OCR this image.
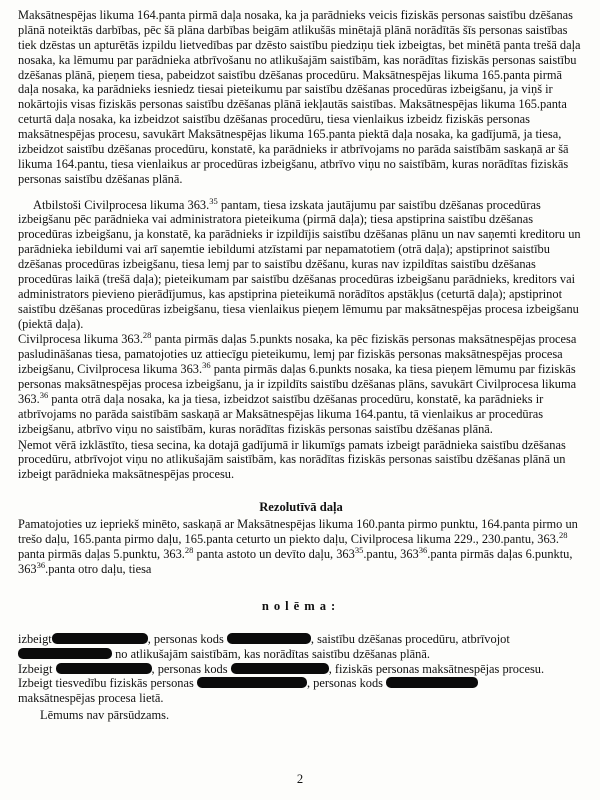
Maksātnespējas likuma 164.panta pirmā daļa nosaka, ka ja parādnieks veicis fiziskās personas saistību dzēšanas plānā noteiktās darbības, pēc šā plāna darbības beigām atlikušās minētajā plānā norādītās šīs personas saistības tiek dzēstas un apturētās izpildu lietvedības par dzēsto saistību piedziņu tiek izbeigtas, bet minētā panta trešā daļa nosaka, ka lēmumu par parādnieka atbrīvošanu no atlikušajām saistībām, kas norādītas fiziskās personas saistību dzēšanas plānā, pieņem tiesa, pabeidzot saistību dzēšanas procedūru. Maksātnespējas likuma 165.panta pirmā daļa nosaka, ka parādnieks iesniedz tiesai pieteikumu par saistību dzēšanas procedūras izbeigšanu, ja viņš ir nokārtojis visas fiziskās personas saistību dzēšanas plānā iekļautās saistības. Maksātnespējas likuma 165.panta ceturtā daļa nosaka, ka izbeidzot saistību dzēšanas procedūru, tiesa vienlaikus izbeidz fiziskās personas maksātnespējas procesu, savukārt Maksātnespējas likuma 165.panta piektā daļa nosaka, ka gadījumā, ja tiesa, izbeidzot saistību dzēšanas procedūru, konstatē, ka parādnieks ir atbrīvojams no parāda saistībām saskaņā ar šā likuma 164.pantu, tiesa vienlaikus ar procedūras izbeigšanu, atbrīvo viņu no saistībām, kuras norādītas fiziskās personas saistību dzēšanas plānā.

Atbilstoši Civilprocesa likuma 363.35 pantam, tiesa izskata jautājumu par saistību dzēšanas procedūras izbeigšanu pēc parādnieka vai administratora pieteikuma (pirmā daļa); tiesa apstiprina saistību dzēšanas procedūras izbeigšanu, ja konstatē, ka parādnieks ir izpildījis saistību dzēšanas plānu un nav saņemti kreditoru un parādnieka iebildumi vai arī saņemtie iebildumi atzīstami par nepamatotiem (otrā daļa); apstiprinot saistību dzēšanas procedūras izbeigšanu, tiesa lemj par to saistību dzēšanu, kuras nav izpildītas saistību dzēšanas procedūras laikā (trešā daļa); pieteikumam par saistību dzēšanas procedūras izbeigšanu parādnieks, kreditors vai administrators pievieno pierādījumus, kas apstiprina pieteikumā norādītos apstākļus (ceturtā daļa); apstiprinot saistību dzēšanas procedūras izbeigšanu, tiesa vienlaikus pieņem lēmumu par maksātnespējas procesa izbeigšanu (piektā daļa).

Civilprocesa likuma 363.28 panta pirmās daļas 5.punkts nosaka, ka pēc fiziskās personas maksātnespējas procesa pasludināšanas tiesa, pamatojoties uz attiecīgu pieteikumu, lemj par fiziskās personas maksātnespējas procesa izbeigšanu, Civilprocesa likuma 363.36 panta pirmās daļas 6.punkts nosaka, ka tiesa pieņem lēmumu par fiziskās personas maksātnespējas procesa izbeigšanu, ja ir izpildīts saistību dzēšanas plāns, savukārt Civilprocesa likuma 363.36 panta otrā daļa nosaka, ka ja tiesa, izbeidzot saistību dzēšanas procedūru, konstatē, ka parādnieks ir atbrīvojams no parāda saistībām saskaņā ar Maksātnespējas likuma 164.pantu, tā vienlaikus ar procedūras izbeigšanu, atbrīvo viņu no saistībām, kuras norādītas fiziskās personas saistību dzēšanas plānā.

Ņemot vērā izklāstīto, tiesa secina, ka dotajā gadījumā ir likumīgs pamats izbeigt parādnieka saistību dzēšanas procedūru, atbrīvojot viņu no atlikušajām saistībām, kas norādītas fiziskās personas saistību dzēšanas plānā un izbeigt parādnieka maksātnespējas procesu.

Rezolutīvā daļa

Pamatojoties uz iepriekš minēto, saskaņā ar Maksātnespējas likuma 160.panta pirmo punktu, 164.panta pirmo un trešo daļu, 165.panta pirmo daļu, 165.panta ceturto un piekto daļu, Civilprocesa likuma 229., 230.pantu, 363.28 panta pirmās daļas 5.punktu, 363.28 panta astoto un devīto daļu, $363^{35}.pantu$, $363^{36}.panta$ pirmās daļas 6.punktu, $363^{36}.panta$ otro daļu, tiesa

nolēma:

izbeigt	, personas kods	, saistību dzēšanas procedūru, atbrīvojot

no atlikušajām saistībām, kas norādītas saistību dzēšanas plānā.

Izbeigt	, personas kods	, fiziskās personas maksātnespējas procesu.

Izbeigt tiesvedību fiziskās personas	, personas kods

maksātnespējas procesa lietā.

Lēmums nav pārsūdzams.

2
